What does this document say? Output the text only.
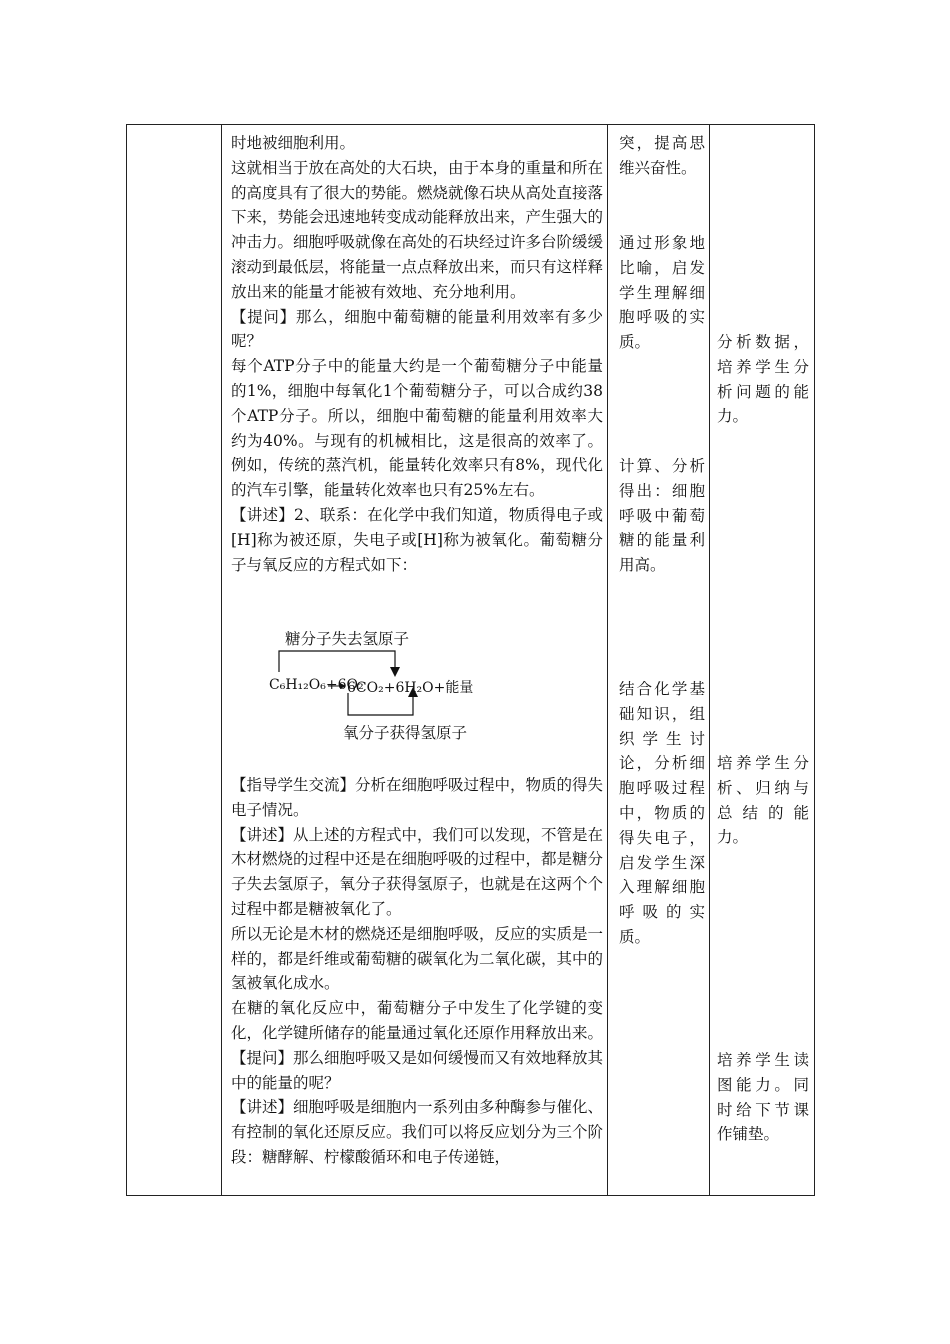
时地被细胞利用。

这就相当于放在高处的大石块，由于本身的重量和所在的高度具有了很大的势能。燃烧就像石块从高处直接落下来，势能会迅速地转变成动能释放出来，产生强大的冲击力。细胞呼吸就像在高处的石块经过许多台阶缓缓滚动到最低层，将能量一点点释放出来，而只有这样释放出来的能量才能被有效地、充分地利用。

【提问】那么，细胞中葡萄糖的能量利用效率有多少呢？

每个ATP分子中的能量大约是一个葡萄糖分子中能量的1%，细胞中每氧化1个葡萄糖分子，可以合成约38个ATP分子。所以，细胞中葡萄糖的能量利用效率大约为40%。与现有的机械相比，这是很高的效率了。例如，传统的蒸汽机，能量转化效率只有8%，现代化的汽车引擎，能量转化效率也只有25%左右。

【讲述】2、联系：在化学中我们知道，物质得电子或[H]称为被还原，失电子或[H]称为被氧化。葡萄糖分子与氧反应的方程式如下：

糖分子失去氢原子
C₆H₁₂O₆+6O₂
6CO₂+6H₂O+能量
氧分子获得氢原子

【指导学生交流】分析在细胞呼吸过程中，物质的得失电子情况。

【讲述】从上述的方程式中，我们可以发现，不管是在木材燃烧的过程中还是在细胞呼吸的过程中，都是糖分子失去氢原子，氧分子获得氢原子，也就是在这两个个过程中都是糖被氧化了。

所以无论是木材的燃烧还是细胞呼吸，反应的实质是一样的，都是纤维或葡萄糖的碳氧化为二氧化碳，其中的氢被氧化成水。

在糖的氧化反应中，葡萄糖分子中发生了化学键的变化，化学键所储存的能量通过氧化还原作用释放出来。

【提问】那么细胞呼吸又是如何缓慢而又有效地释放其中的能量的呢？

【讲述】细胞呼吸是细胞内一系列由多种酶参与催化、有控制的氧化还原反应。我们可以将反应划分为三个阶段：糖酵解、柠檬酸循环和电子传递链，

突，提高思维兴奋性。

通过形象地比喻，启发学生理解细胞呼吸的实质。

计算、分析得出：细胞呼吸中葡萄糖的能量利用高。

结合化学基础知识，组织学生讨论，分析细胞呼吸过程中，物质的得失电子，启发学生深入理解细胞呼吸的实质。

分析数据，培养学生分析问题的能力。

培养学生分析、归纳与总结的能力。

培养学生读图能力。同时给下节课作铺垫。
